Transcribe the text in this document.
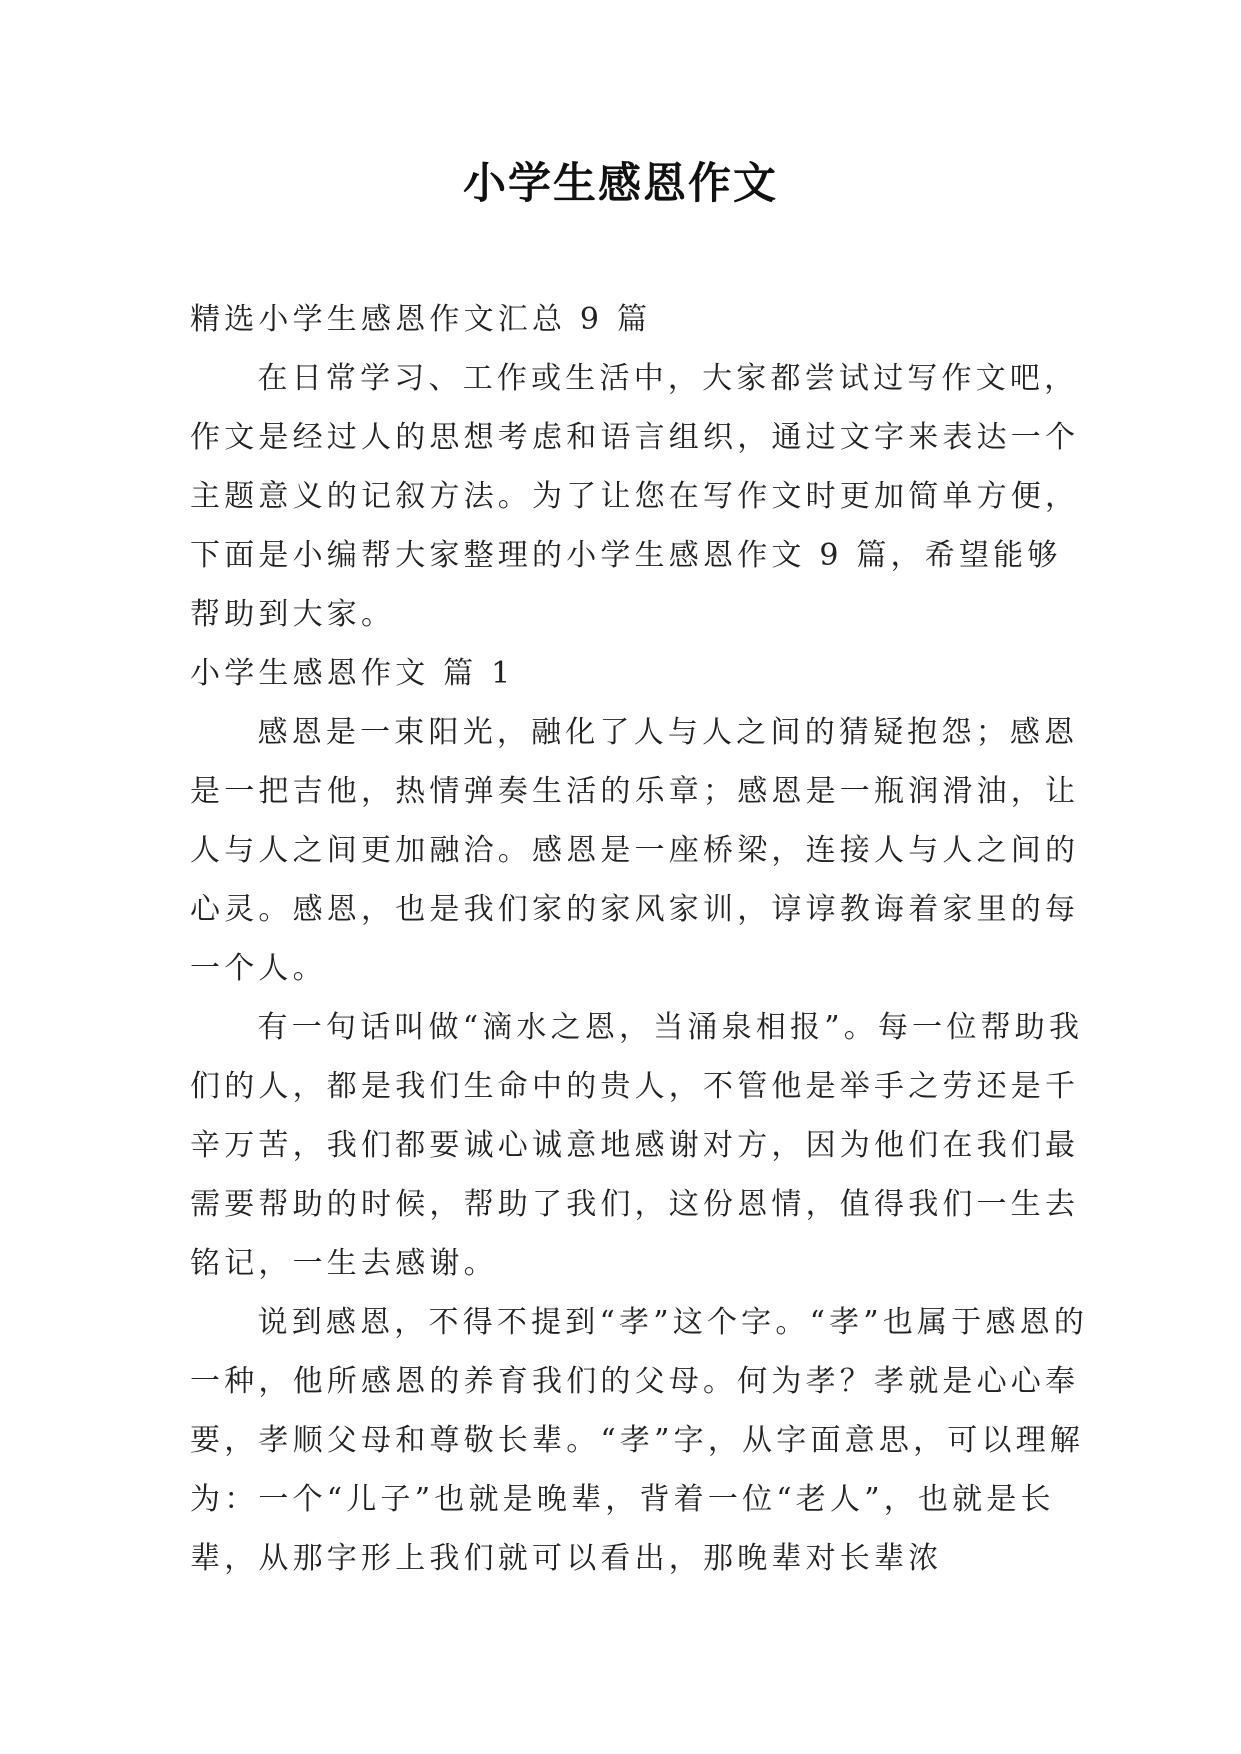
小学生感恩作文

精选小学生感恩作文汇总 9 篇

在日常学习、工作或生活中，大家都尝试过写作文吧，作文是经过人的思想考虑和语言组织，通过文字来表达一个主题意义的记叙方法。为了让您在写作文时更加简单方便，下面是小编帮大家整理的小学生感恩作文 9 篇，希望能够帮助到大家。

小学生感恩作文 篇 1

感恩是一束阳光，融化了人与人之间的猜疑抱怨；感恩是一把吉他，热情弹奏生活的乐章；感恩是一瓶润滑油，让人与人之间更加融洽。感恩是一座桥梁，连接人与人之间的心灵。感恩，也是我们家的家风家训，谆谆教诲着家里的每一个人。

有一句话叫做“滴水之恩，当涌泉相报”。每一位帮助我们的人，都是我们生命中的贵人，不管他是举手之劳还是千辛万苦，我们都要诚心诚意地感谢对方，因为他们在我们最需要帮助的时候，帮助了我们，这份恩情，值得我们一生去铭记，一生去感谢。

说到感恩，不得不提到“孝”这个字。“孝”也属于感恩的一种，他所感恩的养育我们的父母。何为孝？孝就是心心奉要，孝顺父母和尊敬长辈。“孝”字，从字面意思，可以理解为：一个“儿子”也就是晚辈，背着一位“老人”，也就是长辈，从那字形上我们就可以看出，那晚辈对长辈浓
